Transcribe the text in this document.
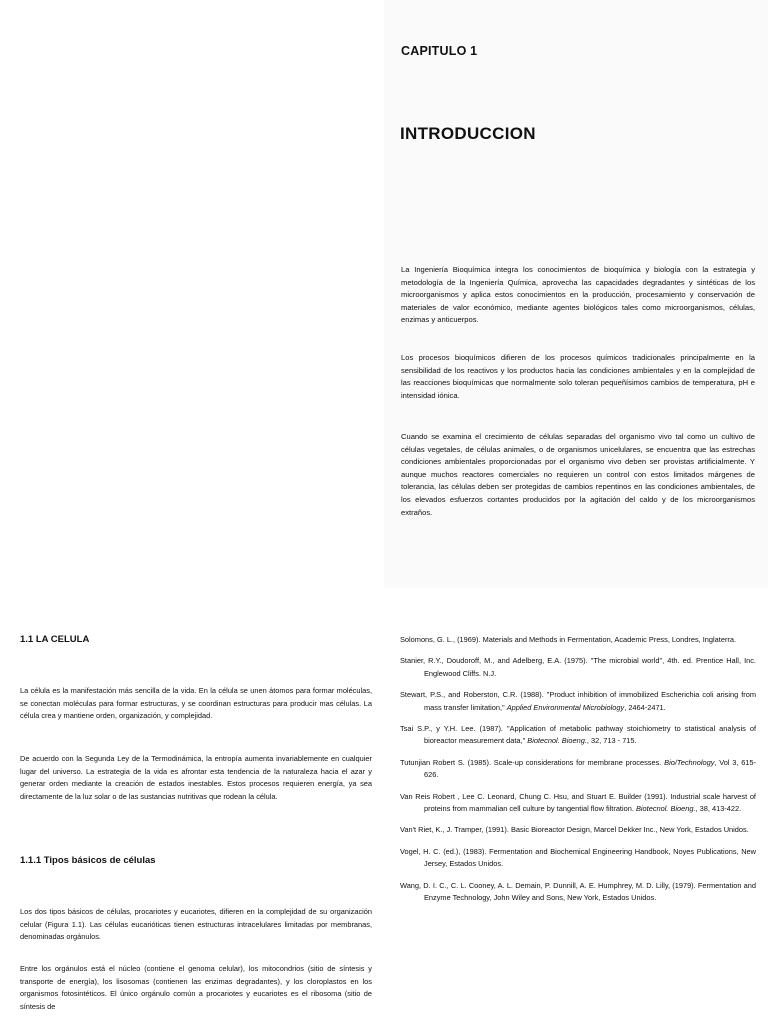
CAPITULO 1
INTRODUCCION

La Ingeniería Bioquímica integra los conocimientos de bioquímica y biología con la estrategia y metodología de la Ingeniería Química, aprovecha las capacidades degradantes y sintéticas de los microorganismos y aplica estos conocimientos en la producción, procesamiento y conservación de materiales de valor económico, mediante agentes biológicos tales como microorganismos, células, enzimas y anticuerpos.

Los procesos bioquímicos difieren de los procesos químicos tradicionales principalmente en la sensibilidad de los reactivos y los productos hacia las condiciones ambientales y en la complejidad de las reacciones bioquímicas que normalmente solo toleran pequeñísimos cambios de temperatura, pH e intensidad iónica.

Cuando se examina el crecimiento de células separadas del organismo vivo tal como un cultivo de células vegetales, de células animales, o de organismos unicelulares, se encuentra que las estrechas condiciones ambientales proporcionadas por el organismo vivo deben ser provistas artificialmente. Y aunque muchos reactores comerciales no requieren un control con estos limitados márgenes de tolerancia, las células deben ser protegidas de cambios repentinos en las condiciones ambientales, de los elevados esfuerzos cortantes producidos por la agitación del caldo y de los microorganismos extraños.

1.1 LA CELULA

La célula es la manifestación más sencilla de la vida. En la célula se unen átomos para formar moléculas, se conectan moléculas para formar estructuras, y se coordinan estructuras para producir mas células. La célula crea y mantiene orden, organización, y complejidad.

De acuerdo con la Segunda Ley de la Termodinámica, la entropía aumenta invariablemente en cualquier lugar del universo. La estrategia de la vida es afrontar esta tendencia de la naturaleza hacia el azar y generar orden mediante la creación de estados inestables. Estos procesos requieren energía, ya sea directamente de la luz solar o de las sustancias nutritivas que rodean la célula.

1.1.1 Tipos básicos de células

Los dos tipos básicos de células, procariotes y eucariotes, difieren en la complejidad de su organización celular (Figura 1.1). Las células eucarióticas tienen estructuras intracelulares limitadas por membranas, denominadas orgánulos.

Entre los orgánulos está el núcleo (contiene el genoma celular), los mitocondrios (sitio de síntesis y transporte de energía), los lisosomas (contienen las enzimas degradantes), y los cloroplastos en los organismos fotosintéticos. El único orgánulo común a procariotes y eucariotes es el ribosoma (sitio de síntesis de

Solomons, G. L., (1969). Materials and Methods in Fermentation, Academic Press, Londres, Inglaterra.

Stanier, R.Y., Doudoroff, M., and Adelberg, E.A. (1975). "The microbial world", 4th. ed. Prentice Hall, Inc. Englewood Cliffs. N.J.

Stewart, P.S., and Roberston, C.R. (1988). "Product inhibition of immobilized Escherichia coli arising from mass transfer limitation," Applied Environmental Microbiology, 2464-2471.

Tsai S.P., y Y.H. Lee. (1987). "Application of metabolic pathway stoichiometry to statistical analysis of bioreactor measurement data," Biotecnol. Bioeng., 32, 713 - 715.

Tutunjian Robert S. (1985). Scale-up considerations for membrane processes. Bio/Technology, Vol 3, 615-626.

Van Reis Robert , Lee C. Leonard, Chung C. Hsu, and Stuart E. Builder (1991). Industrial scale harvest of proteins from mammalian cell culture by tangential flow filtration. Biotecnol. Bioeng., 38, 413-422.

Van't Riet, K., J. Tramper, (1991). Basic Bioreactor Design, Marcel Dekker Inc., New York, Estados Unidos.

Vogel, H. C. (ed.), (1983). Fermentation and Biochemical Engineering Handbook, Noyes Publications, New Jersey, Estados Unidos.

Wang, D. I. C., C. L. Cooney, A. L. Demain, P. Dunnill, A. E. Humphrey, M. D. Lilly, (1979). Fermentation and Enzyme Technology, John Wiley and Sons, New York, Estados Unidos.
